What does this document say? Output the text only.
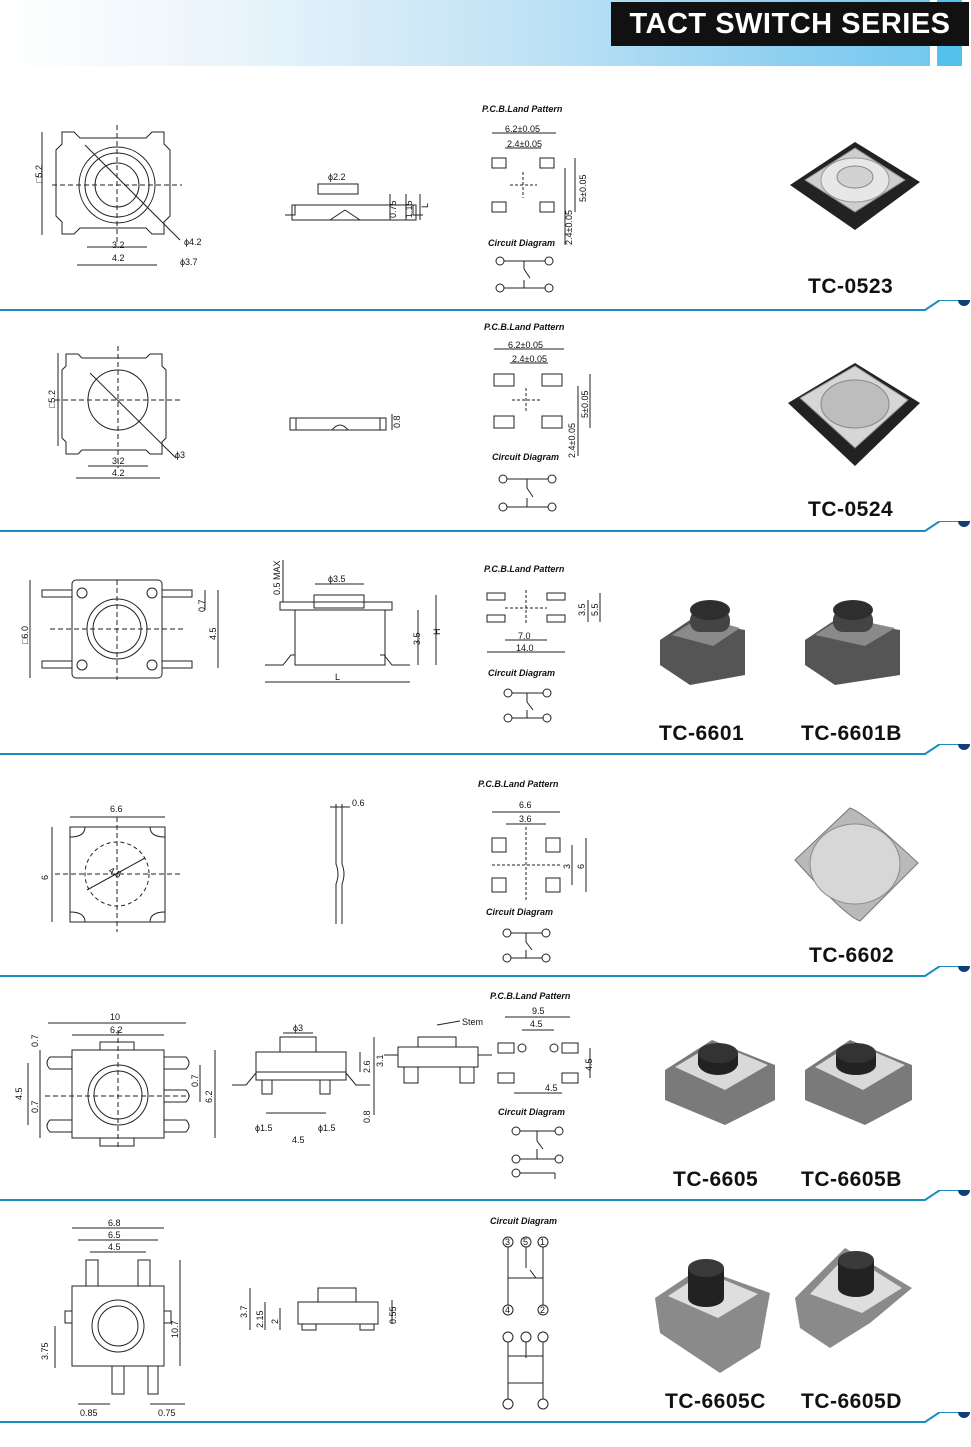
TACT SWITCH SERIES
□5.2
3.2
4.2
ϕ4.2
ϕ3.7
ϕ2.2
0.75 1.15 L
P.C.B.Land Pattern
6.2±0.05
2.4±0.05
5±0.05
2.4±0.05
Circuit Diagram
TC-0523
□5.2
3.2
4.2
ϕ3
0.8
P.C.B.Land Pattern
6.2±0.05
2.4±0.05
5±0.05
2.4±0.05
Circuit Diagram
TC-0524
□6.0
0.7
4.5
0.5 MAX	ϕ3.5
3.5
H
L
P.C.B.Land Pattern
7.0
14.0
3.5 5.5
Circuit Diagram
TC-6601	TC-6601B
6.6
6	4.5
0.6
P.C.B.Land Pattern
6.6
3.6
3 6
Circuit Diagram
TC-6602
10
6.2
0.7
4.5
0.7
0.7
6.2
ϕ3
2.6 3.1
0.8
ϕ1.5	ϕ1.5
4.5
Stem
P.C.B.Land Pattern
9.5
4.5
4.5
4.5
Circuit Diagram
TC-6605 TC-6605B
6.8
6.5
4.5
10.7
3.75
0.85	0.75
3.7 2.15 2	0.55
Circuit Diagram
3 5 1
4	2
TC-6605C TC-6605D
